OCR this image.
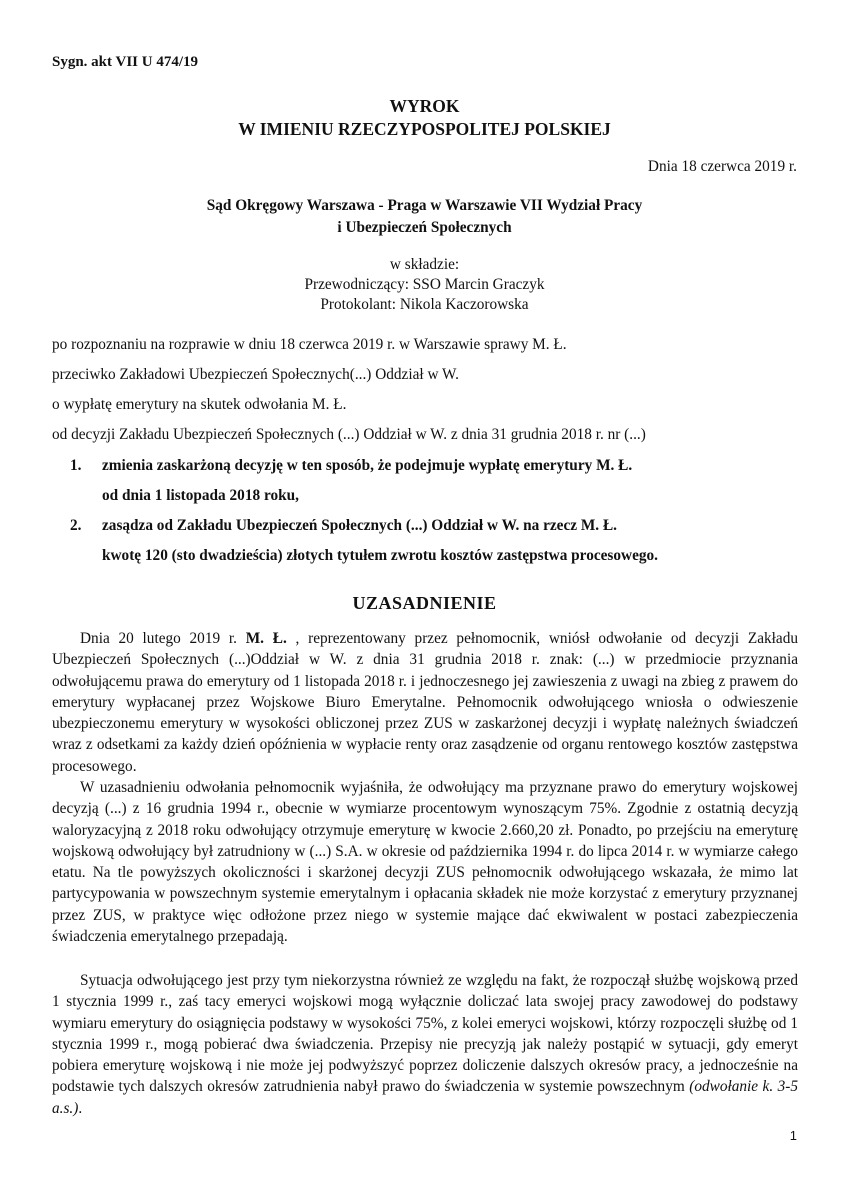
Sygn. akt VII U 474/19
WYROK
W IMIENIU RZECZYPOSPOLITEJ POLSKIEJ
Dnia 18 czerwca 2019 r.
Sąd Okręgowy Warszawa - Praga w Warszawie VII Wydział Pracy
i Ubezpieczeń Społecznych
w składzie:
Przewodniczący: SSO Marcin Graczyk
Protokolant: Nikola Kaczorowska
po rozpoznaniu na rozprawie w dniu 18 czerwca 2019 r. w Warszawie sprawy M. Ł.
przeciwko Zakładowi Ubezpieczeń Społecznych(...) Oddział w W.
o wypłatę emerytury na skutek odwołania M. Ł.
od decyzji Zakładu Ubezpieczeń Społecznych (...) Oddział w W. z dnia 31 grudnia 2018 r. nr (...)
1. zmienia zaskarżoną decyzję w ten sposób, że podejmuje wypłatę emerytury M. Ł.
od dnia 1 listopada 2018 roku,
2. zasądza od Zakładu Ubezpieczeń Społecznych (...) Oddział w W. na rzecz M. Ł.
kwotę 120 (sto dwadzieścia) złotych tytułem zwrotu kosztów zastępstwa procesowego.
UZASADNIENIE

Dnia 20 lutego 2019 r. M. Ł. , reprezentowany przez pełnomocnik, wniósł odwołanie od decyzji Zakładu Ubezpieczeń Społecznych (...)Oddział w W. z dnia 31 grudnia 2018 r. znak: (...) w przedmiocie przyznania odwołującemu prawa do emerytury od 1 listopada 2018 r. i jednoczesnego jej zawieszenia z uwagi na zbieg z prawem do emerytury wypłacanej przez Wojskowe Biuro Emerytalne. Pełnomocnik odwołującego wniosła o odwieszenie ubezpieczonemu emerytury w wysokości obliczonej przez ZUS w zaskarżonej decyzji i wypłatę należnych świadczeń wraz z odsetkami za każdy dzień opóźnienia w wypłacie renty oraz zasądzenie od organu rentowego kosztów zastępstwa procesowego.

W uzasadnieniu odwołania pełnomocnik wyjaśniła, że odwołujący ma przyznane prawo do emerytury wojskowej decyzją (...) z 16 grudnia 1994 r., obecnie w wymiarze procentowym wynoszącym 75%. Zgodnie z ostatnią decyzją waloryzacyjną z 2018 roku odwołujący otrzymuje emeryturę w kwocie 2.660,20 zł. Ponadto, po przejściu na emeryturę wojskową odwołujący był zatrudniony w (...) S.A. w okresie od października 1994 r. do lipca 2014 r. w wymiarze całego etatu. Na tle powyższych okoliczności i skarżonej decyzji ZUS pełnomocnik odwołującego wskazała, że mimo lat partycypowania w powszechnym systemie emerytalnym i opłacania składek nie może korzystać z emerytury przyznanej przez ZUS, w praktyce więc odłożone przez niego w systemie mające dać ekwiwalent w postaci zabezpieczenia świadczenia emerytalnego przepadają.

Sytuacja odwołującego jest przy tym niekorzystna również ze względu na fakt, że rozpoczął służbę wojskową przed 1 stycznia 1999 r., zaś tacy emeryci wojskowi mogą wyłącznie doliczać lata swojej pracy zawodowej do podstawy wymiaru emerytury do osiągnięcia podstawy w wysokości 75%, z kolei emeryci wojskowi, którzy rozpoczęli służbę od 1 stycznia 1999 r., mogą pobierać dwa świadczenia. Przepisy nie precyzją jak należy postąpić w sytuacji, gdy emeryt pobiera emeryturę wojskową i nie może jej podwyższyć poprzez doliczenie dalszych okresów pracy, a jednocześnie na podstawie tych dalszych okresów zatrudnienia nabył prawo do świadczenia w systemie powszechnym (odwołanie k. 3-5 a.s.).

1
